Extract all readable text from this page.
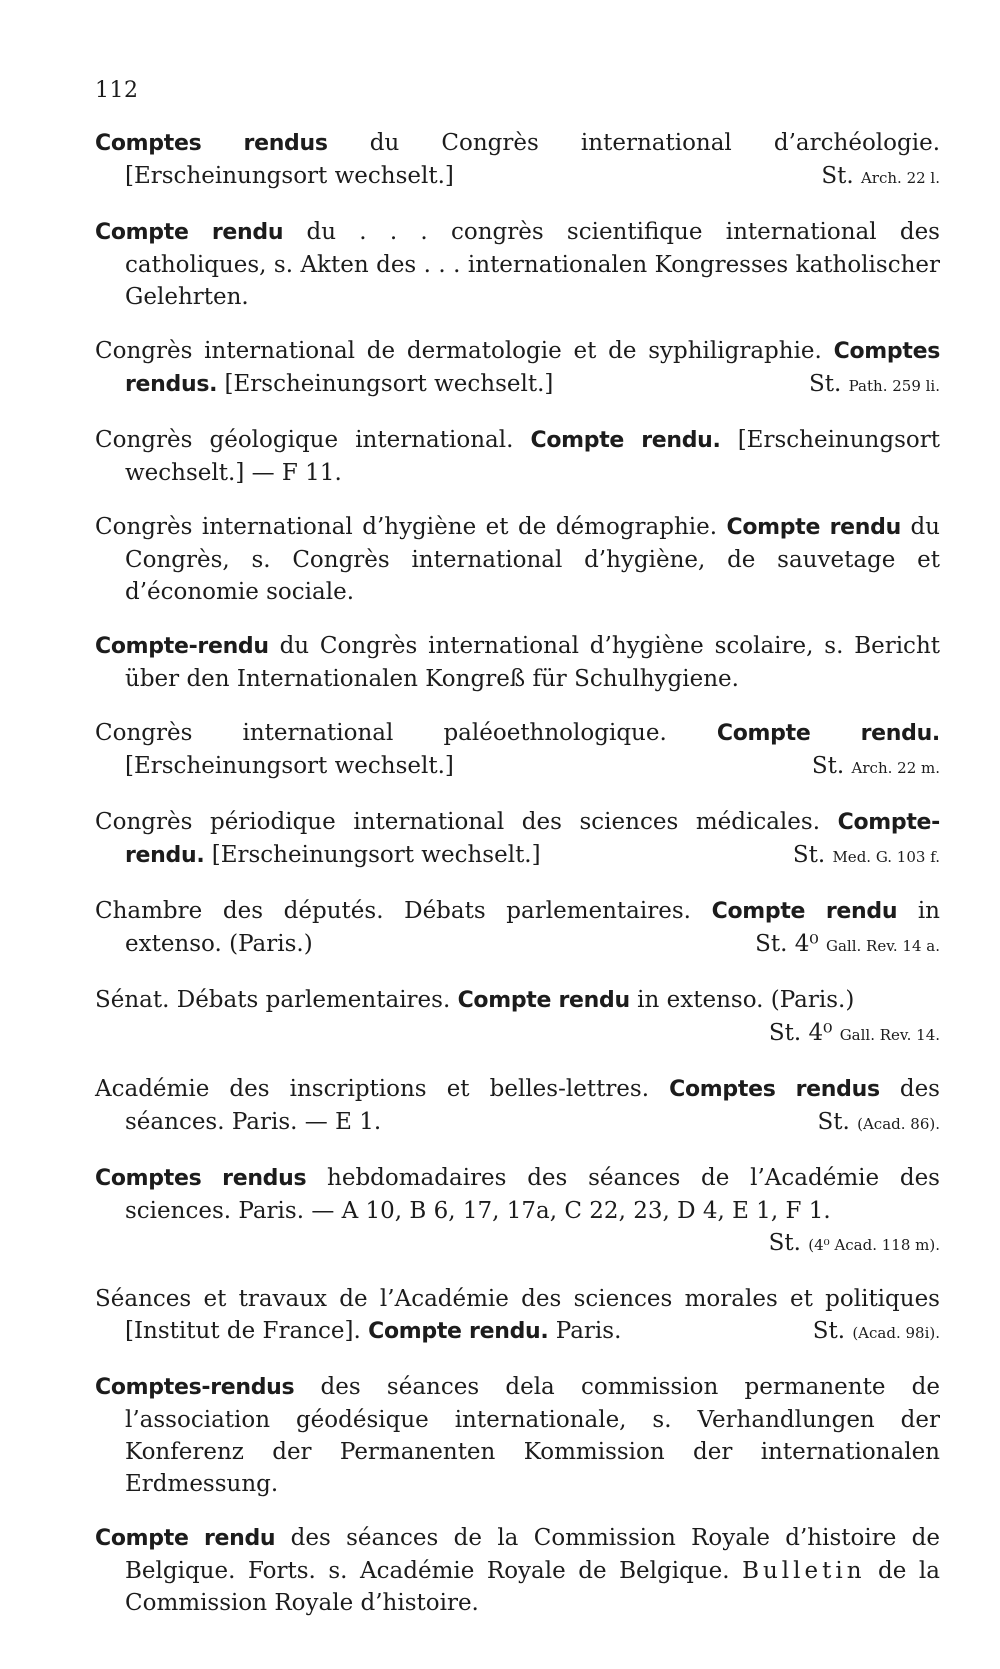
112

Comptes rendus du Congrès international d’archéologie. [Erscheinungsort wechselt.]	St. Arch. 22 l.

Compte rendu du . . . congrès scientifique international des catholiques, s. Akten des . . . internationalen Kongresses katholischer Gelehrten.

Congrès international de dermatologie et de syphiligraphie. Comptes rendus. [Erscheinungsort wechselt.]	St. Path. 259 li.

Congrès géologique international. Compte rendu. [Erscheinungsort wechselt.] — F 11.

Congrès international d’hygiène et de démographie. Compte rendu du Congrès, s. Congrès international d’hygiène, de sauvetage et d’économie sociale.

Compte-rendu du Congrès international d’hygiène scolaire, s. Bericht über den Internationalen Kongreß für Schulhygiene.

Congrès international paléoethnologique. Compte rendu. [Erscheinungsort wechselt.]	St. Arch. 22 m.

Congrès périodique international des sciences médicales. Compte-rendu. [Erscheinungsort wechselt.]	St. Med. G. 103 f.

Chambre des députés. Débats parlementaires. Compte rendu in extenso. (Paris.)	St. 4⁰ Gall. Rev. 14 a.

Sénat. Débats parlementaires. Compte rendu in extenso. (Paris.)
St. 4⁰ Gall. Rev. 14.

Académie des inscriptions et belles-lettres. Comptes rendus des séances. Paris. — E 1.	St. (Acad. 86).

Comptes rendus hebdomadaires des séances de l’Académie des sciences. Paris. — A 10, B 6, 17, 17a, C 22, 23, D 4, E 1, F 1.
St. (4⁰ Acad. 118 m).

Séances et travaux de l’Académie des sciences morales et politiques [Institut de France]. Compte rendu. Paris.	St. (Acad. 98i).

Comptes-rendus des séances dela commission permanente de l’association géodésique internationale, s. Verhandlungen der Konferenz der Permanenten Kommission der internationalen Erdmessung.

Compte rendu des séances de la Commission Royale d’histoire de Belgique. Forts. s. Académie Royale de Belgique. Bulletin de la Commission Royale d’histoire.
